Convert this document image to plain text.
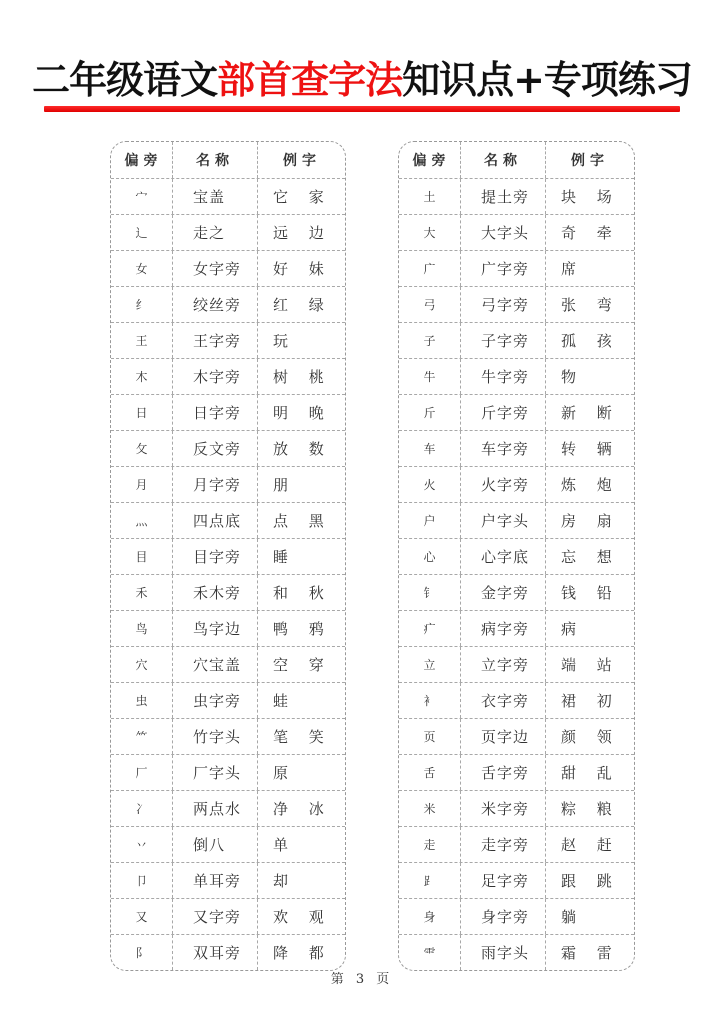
二年级语文部首查字法知识点+专项练习
偏旁	名称	例字
宀	宝盖	它 家
辶	走之	远 边
女	女字旁	好 妹
纟	绞丝旁	红 绿
王	王字旁	玩
木	木字旁	树 桃
日	日字旁	明 晚
攵	反文旁	放 数
月	月字旁	朋
灬	四点底	点 黑
目	目字旁	睡
禾	禾木旁	和 秋
鸟	鸟字边	鸭 鸦
穴	穴宝盖	空 穿
虫	虫字旁	蛙
⺮	竹字头	笔 笑
厂	厂字头	原
冫	两点水	净 冰
丷	倒八	单
卩	单耳旁	却
又	又字旁	欢 观
阝	双耳旁	降 都
偏旁	名称	例字
土	提土旁	块 场
大	大字头	奇 牵
广	广字旁	席
弓	弓字旁	张 弯
子	子字旁	孤 孩
牛	牛字旁	物
斤	斤字旁	新 断
车	车字旁	转 辆
火	火字旁	炼 炮
户	户字头	房 扇
心	心字底	忘 想
钅	金字旁	钱 铅
疒	病字旁	病
立	立字旁	端 站
衤	衣字旁	裙 初
页	页字边	颜 领
舌	舌字旁	甜 乱
米	米字旁	粽 粮
走	走字旁	赵 赶
⻊	足字旁	跟 跳
身	身字旁	躺
⻗	雨字头	霜 雷
第 3 页
